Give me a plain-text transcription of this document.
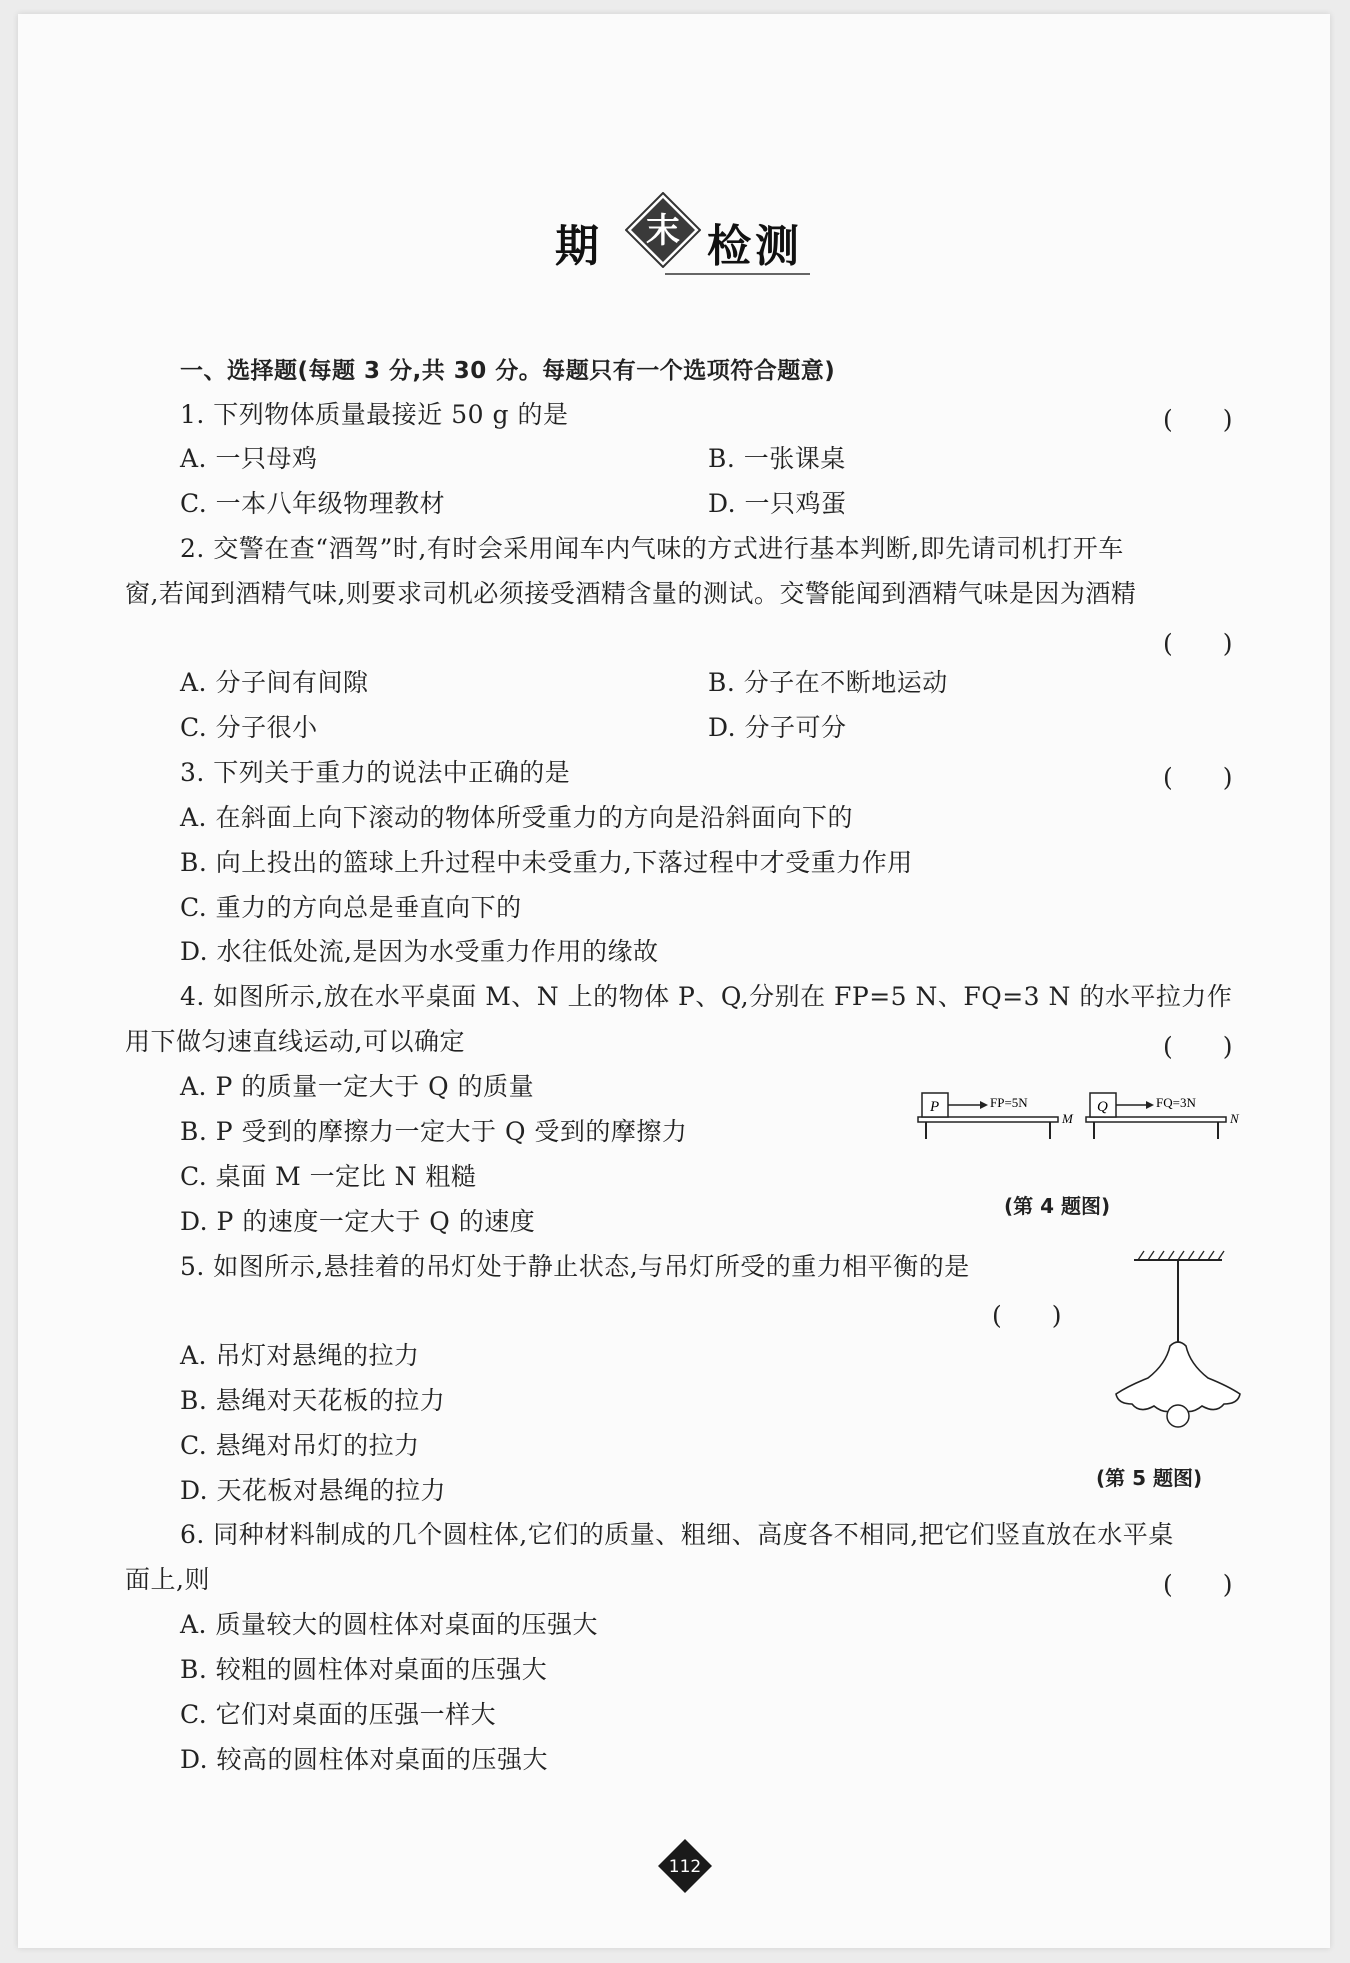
期 末 检 测
一、选择题(每题 3 分,共 30 分。每题只有一个选项符合题意)
1. 下列物体质量最接近 50 g 的是	(　　)
A. 一只母鸡	B. 一张课桌
C. 一本八年级物理教材	D. 一只鸡蛋
2. 交警在查“酒驾”时,有时会采用闻车内气味的方式进行基本判断,即先请司机打开车
窗,若闻到酒精气味,则要求司机必须接受酒精含量的测试。交警能闻到酒精气味是因为酒精
(　　)
A. 分子间有间隙	B. 分子在不断地运动
C. 分子很小	D. 分子可分
3. 下列关于重力的说法中正确的是	(　　)
A. 在斜面上向下滚动的物体所受重力的方向是沿斜面向下的
B. 向上投出的篮球上升过程中未受重力,下落过程中才受重力作用
C. 重力的方向总是垂直向下的
D. 水往低处流,是因为水受重力作用的缘故
4. 如图所示,放在水平桌面 M、N 上的物体 P、Q,分别在 FP=5 N、FQ=3 N 的水平拉力作
用下做匀速直线运动,可以确定	(　　)
A. P 的质量一定大于 Q 的质量
B. P 受到的摩擦力一定大于 Q 受到的摩擦力
C. 桌面 M 一定比 N 粗糙
D. P 的速度一定大于 Q 的速度
P	FP=5N
M
Q	FQ=3N
N
(第 4 题图)
5. 如图所示,悬挂着的吊灯处于静止状态,与吊灯所受的重力相平衡的是
(　　)
A. 吊灯对悬绳的拉力
B. 悬绳对天花板的拉力
C. 悬绳对吊灯的拉力
D. 天花板对悬绳的拉力	(第 5 题图)
6. 同种材料制成的几个圆柱体,它们的质量、粗细、高度各不相同,把它们竖直放在水平桌
面上,则	(　　)
A. 质量较大的圆柱体对桌面的压强大
B. 较粗的圆柱体对桌面的压强大
C. 它们对桌面的压强一样大
D. 较高的圆柱体对桌面的压强大
112
